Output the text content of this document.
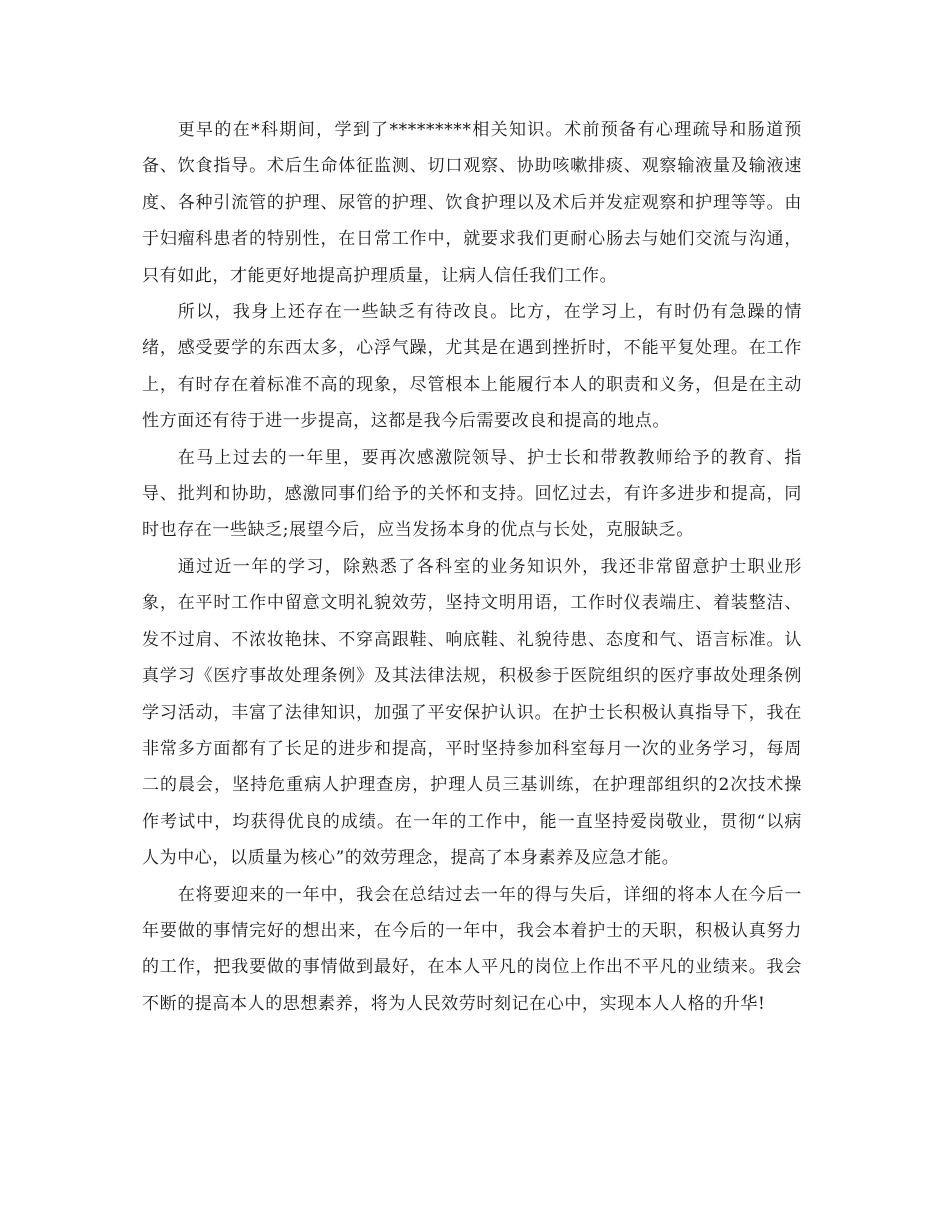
更早的在*科期间，学到了*********相关知识。术前预备有心理疏导和肠道预备、饮食指导。术后生命体征监测、切口观察、协助咳嗽排痰、观察输液量及输液速度、各种引流管的护理、尿管的护理、饮食护理以及术后并发症观察和护理等等。由于妇瘤科患者的特别性，在日常工作中，就要求我们更耐心肠去与她们交流与沟通，只有如此，才能更好地提高护理质量，让病人信任我们工作。

所以，我身上还存在一些缺乏有待改良。比方，在学习上，有时仍有急躁的情绪，感受要学的东西太多，心浮气躁，尤其是在遇到挫折时，不能平复处理。在工作上，有时存在着标准不高的现象，尽管根本上能履行本人的职责和义务，但是在主动性方面还有待于进一步提高，这都是我今后需要改良和提高的地点。

在马上过去的一年里，要再次感激院领导、护士长和带教教师给予的教育、指导、批判和协助，感激同事们给予的关怀和支持。回忆过去，有许多进步和提高，同时也存在一些缺乏;展望今后，应当发扬本身的优点与长处，克服缺乏。

通过近一年的学习，除熟悉了各科室的业务知识外，我还非常留意护士职业形象，在平时工作中留意文明礼貌效劳，坚持文明用语，工作时仪表端庄、着装整洁、发不过肩、不浓妆艳抹、不穿高跟鞋、响底鞋、礼貌待患、态度和气、语言标准。认真学习《医疗事故处理条例》及其法律法规，积极参于医院组织的医疗事故处理条例学习活动，丰富了法律知识，加强了平安保护认识。在护士长积极认真指导下，我在非常多方面都有了长足的进步和提高，平时坚持参加科室每月一次的业务学习，每周二的晨会，坚持危重病人护理查房，护理人员三基训练，在护理部组织的2次技术操作考试中，均获得优良的成绩。在一年的工作中，能一直坚持爱岗敬业，贯彻“以病人为中心，以质量为核心”的效劳理念，提高了本身素养及应急才能。

在将要迎来的一年中，我会在总结过去一年的得与失后，详细的将本人在今后一年要做的事情完好的想出来，在今后的一年中，我会本着护士的天职，积极认真努力的工作，把我要做的事情做到最好，在本人平凡的岗位上作出不平凡的业绩来。我会不断的提高本人的思想素养，将为人民效劳时刻记在心中，实现本人人格的升华!
